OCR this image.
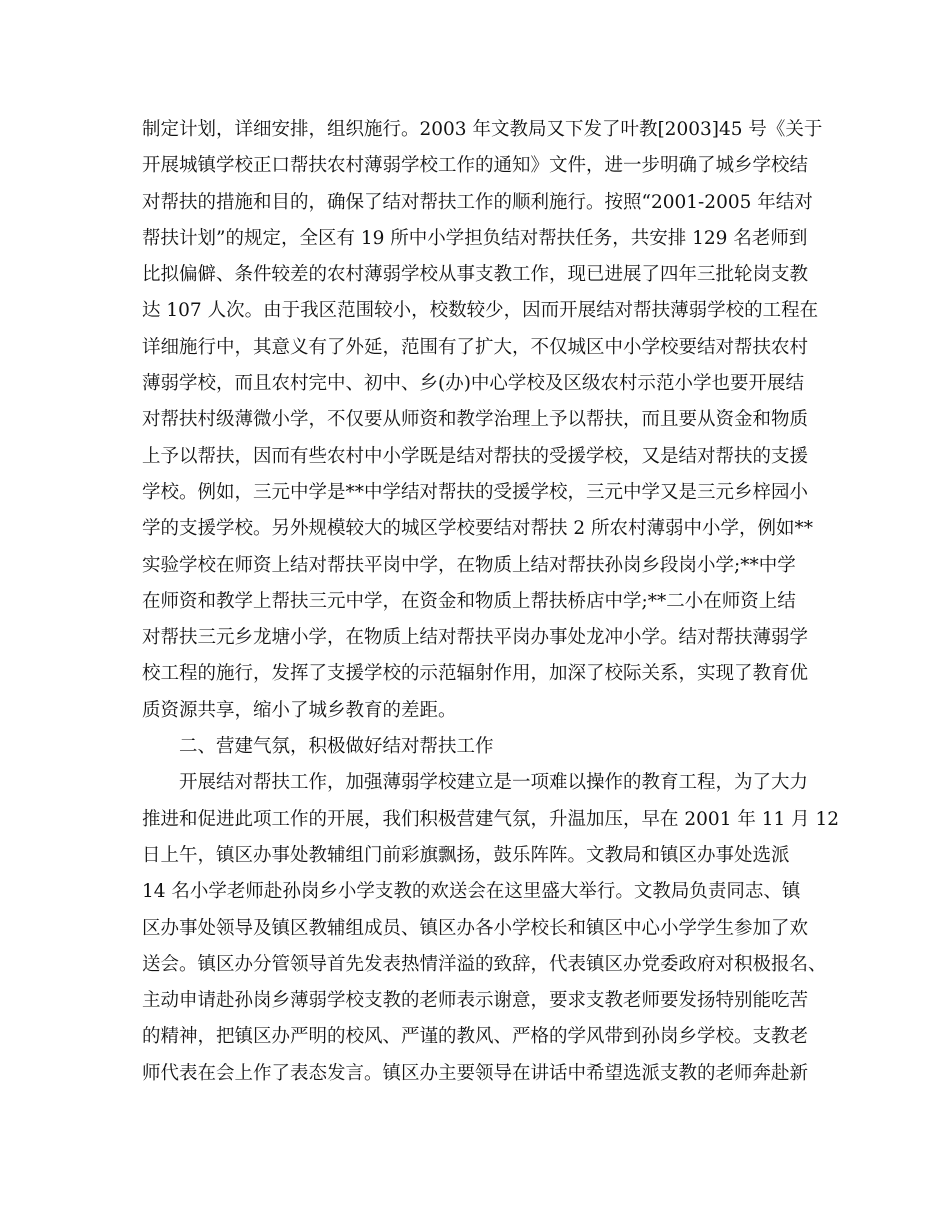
制定计划，详细安排，组织施行。2003 年文教局又下发了叶教[2003]45 号《关于
开展城镇学校正口帮扶农村薄弱学校工作的通知》文件，进一步明确了城乡学校结
对帮扶的措施和目的，确保了结对帮扶工作的顺利施行。按照“2001-2005 年结对
帮扶计划”的规定，全区有 19 所中小学担负结对帮扶任务，共安排 129 名老师到
比拟偏僻、条件较差的农村薄弱学校从事支教工作，现已进展了四年三批轮岗支教
达 107 人次。由于我区范围较小，校数较少，因而开展结对帮扶薄弱学校的工程在
详细施行中，其意义有了外延，范围有了扩大，不仅城区中小学校要结对帮扶农村
薄弱学校，而且农村完中、初中、乡(办)中心学校及区级农村示范小学也要开展结
对帮扶村级薄微小学，不仅要从师资和教学治理上予以帮扶，而且要从资金和物质
上予以帮扶，因而有些农村中小学既是结对帮扶的受援学校，又是结对帮扶的支援
学校。例如，三元中学是**中学结对帮扶的受援学校，三元中学又是三元乡梓园小
学的支援学校。另外规模较大的城区学校要结对帮扶 2 所农村薄弱中小学，例如**
实验学校在师资上结对帮扶平岗中学，在物质上结对帮扶孙岗乡段岗小学;**中学
在师资和教学上帮扶三元中学，在资金和物质上帮扶桥店中学;**二小在师资上结
对帮扶三元乡龙塘小学，在物质上结对帮扶平岗办事处龙冲小学。结对帮扶薄弱学
校工程的施行，发挥了支援学校的示范辐射作用，加深了校际关系，实现了教育优
质资源共享，缩小了城乡教育的差距。
二、营建气氛，积极做好结对帮扶工作
开展结对帮扶工作，加强薄弱学校建立是一项难以操作的教育工程，为了大力
推进和促进此项工作的开展，我们积极营建气氛，升温加压，早在 2001 年 11 月 12
日上午，镇区办事处教辅组门前彩旗飘扬，鼓乐阵阵。文教局和镇区办事处选派
14 名小学老师赴孙岗乡小学支教的欢送会在这里盛大举行。文教局负责同志、镇
区办事处领导及镇区教辅组成员、镇区办各小学校长和镇区中心小学学生参加了欢
送会。镇区办分管领导首先发表热情洋溢的致辞，代表镇区办党委政府对积极报名、
主动申请赴孙岗乡薄弱学校支教的老师表示谢意，要求支教老师要发扬特别能吃苦
的精神，把镇区办严明的校风、严谨的教风、严格的学风带到孙岗乡学校。支教老
师代表在会上作了表态发言。镇区办主要领导在讲话中希望选派支教的老师奔赴新
